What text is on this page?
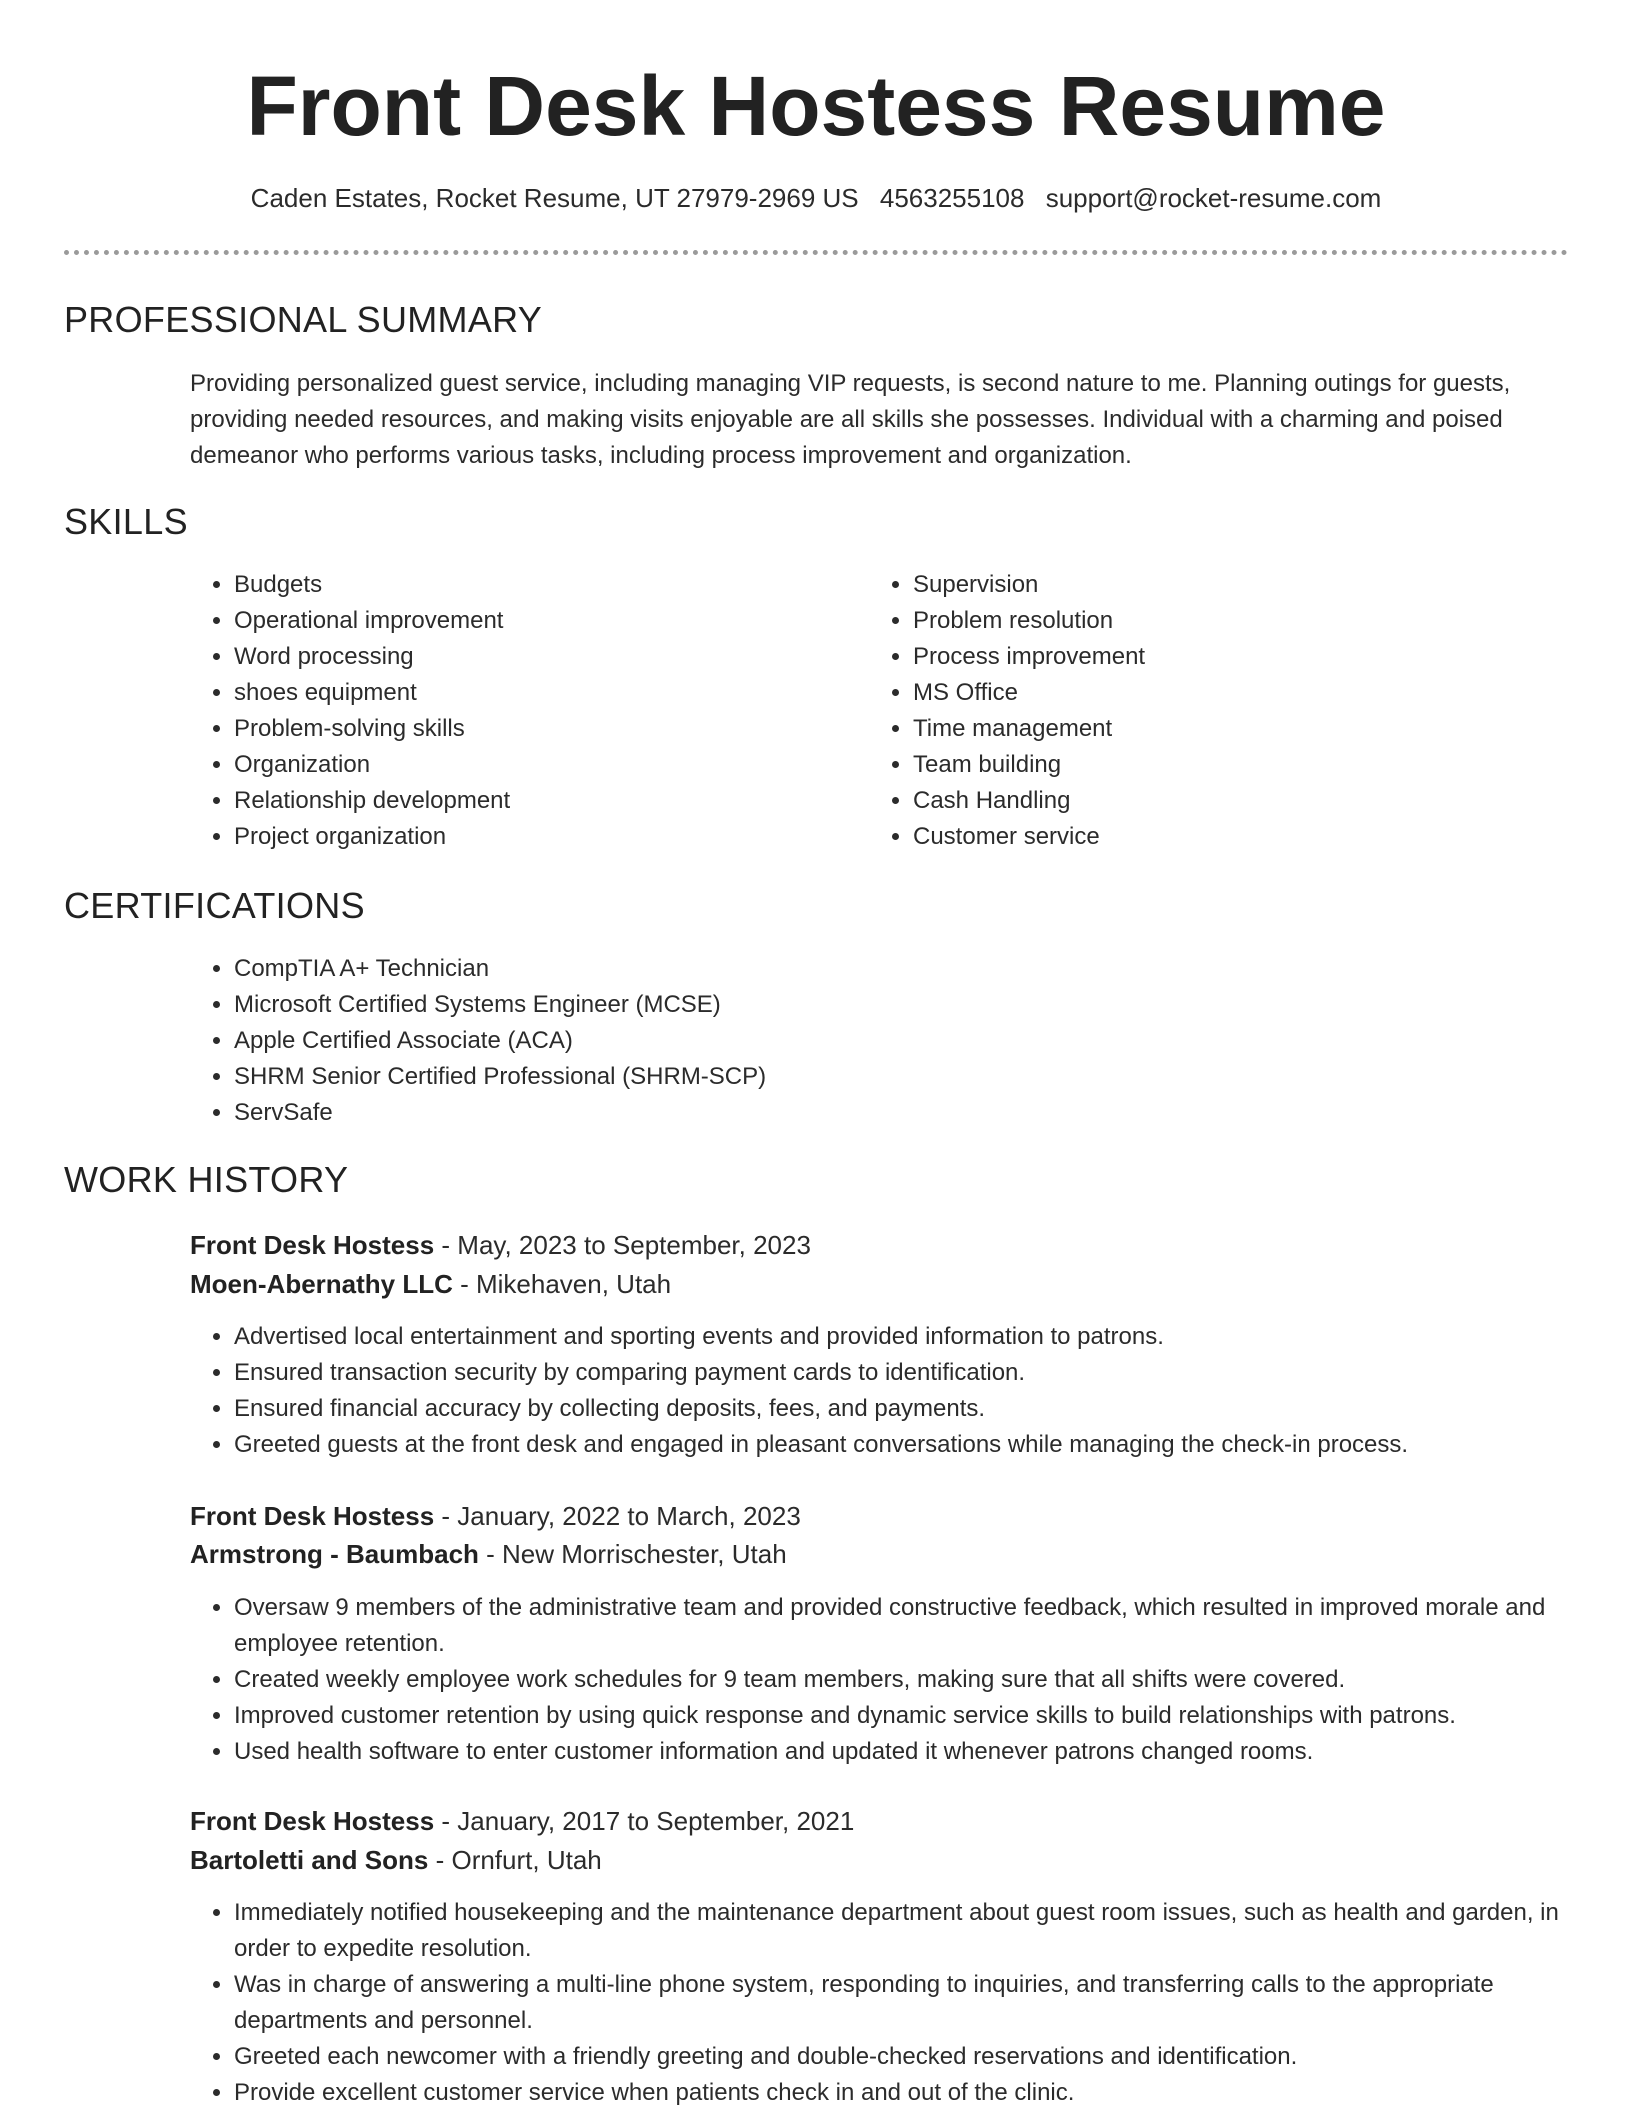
Front Desk Hostess Resume
Caden Estates, Rocket Resume, UT 27979-2969 US 4563255108 support@rocket-resume.com
PROFESSIONAL SUMMARY

Providing personalized guest service, including managing VIP requests, is second nature to me. Planning outings for guests, providing needed resources, and making visits enjoyable are all skills she possesses. Individual with a charming and poised demeanor who performs various tasks, including process improvement and organization.

SKILLS
• Budgets
• Operational improvement
• Word processing
• shoes equipment
• Problem-solving skills
• Organization
• Relationship development
• Project organization
• Supervision
• Problem resolution
• Process improvement
• MS Office
• Time management
• Team building
• Cash Handling
• Customer service
CERTIFICATIONS
• CompTIA A+ Technician
• Microsoft Certified Systems Engineer (MCSE)
• Apple Certified Associate (ACA)
• SHRM Senior Certified Professional (SHRM-SCP)
• ServSafe
WORK HISTORY
Front Desk Hostess - May, 2023 to September, 2023
Moen-Abernathy LLC - Mikehaven, Utah
• Advertised local entertainment and sporting events and provided information to patrons.
• Ensured transaction security by comparing payment cards to identification.
• Ensured financial accuracy by collecting deposits, fees, and payments.
• Greeted guests at the front desk and engaged in pleasant conversations while managing the check-in process.
Front Desk Hostess - January, 2022 to March, 2023
Armstrong - Baumbach - New Morrischester, Utah
• Oversaw 9 members of the administrative team and provided constructive feedback, which resulted in improved morale and employee retention.
• Created weekly employee work schedules for 9 team members, making sure that all shifts were covered.
• Improved customer retention by using quick response and dynamic service skills to build relationships with patrons.
• Used health software to enter customer information and updated it whenever patrons changed rooms.
Front Desk Hostess - January, 2017 to September, 2021
Bartoletti and Sons - Ornfurt, Utah
• Immediately notified housekeeping and the maintenance department about guest room issues, such as health and garden, in order to expedite resolution.
• Was in charge of answering a multi-line phone system, responding to inquiries, and transferring calls to the appropriate departments and personnel.
• Greeted each newcomer with a friendly greeting and double-checked reservations and identification.
• Provide excellent customer service when patients check in and out of the clinic.
